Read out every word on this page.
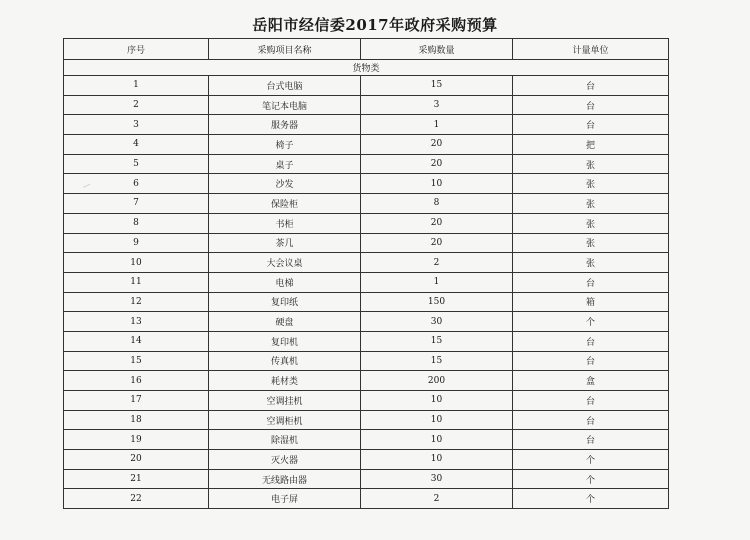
岳阳市经信委2017年政府采购预算
序号	采购项目名称	采购数量	计量单位
货物类			
1	台式电脑	15	台
2	笔记本电脑	3	台
3	服务器	1	台
4	椅子	20	把
5	桌子	20	张
6	沙发	10	张
7	保险柜	8	张
8	书柜	20	张
9	茶几	20	张
10	大会议桌	2	张
11	电梯	1	台
12	复印纸	150	箱
13	硬盘	30	个
14	复印机	15	台
15	传真机	15	台
16	耗材类	200	盒
17	空调挂机	10	台
18	空调柜机	10	台
19	除湿机	10	台
20	灭火器	10	个
21	无线路由器	30	个
22	电子屏	2	个
